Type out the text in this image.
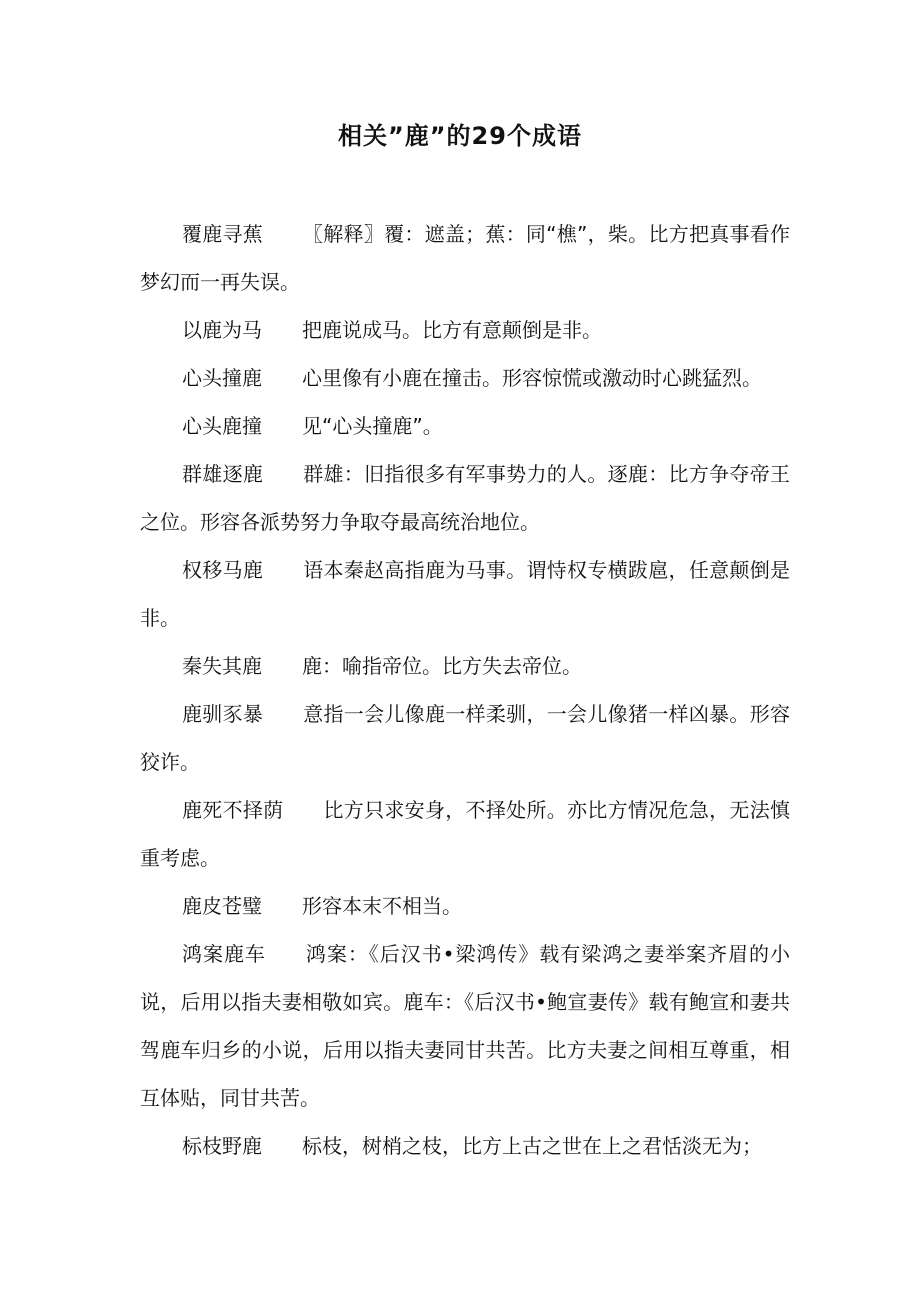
相关”鹿”的29个成语

覆鹿寻蕉 〖解释〗覆：遮盖；蕉：同“樵”，柴。比方把真事看作梦幻而一再失误。

以鹿为马 把鹿说成马。比方有意颠倒是非。

心头撞鹿 心里像有小鹿在撞击。形容惊慌或激动时心跳猛烈。

心头鹿撞 见“心头撞鹿”。

群雄逐鹿 群雄：旧指很多有军事势力的人。逐鹿：比方争夺帝王之位。形容各派势努力争取夺最高统治地位。

权移马鹿 语本秦赵高指鹿为马事。谓恃权专横跋扈，任意颠倒是非。

秦失其鹿 鹿：喻指帝位。比方失去帝位。

鹿驯豕暴 意指一会儿像鹿一样柔驯，一会儿像猪一样凶暴。形容狡诈。

鹿死不择荫 比方只求安身，不择处所。亦比方情况危急，无法慎重考虑。

鹿皮苍璧 形容本末不相当。

鸿案鹿车 鸿案：《后汉书•梁鸿传》载有梁鸿之妻举案齐眉的小说，后用以指夫妻相敬如宾。鹿车：《后汉书•鲍宣妻传》载有鲍宣和妻共驾鹿车归乡的小说，后用以指夫妻同甘共苦。比方夫妻之间相互尊重，相互体贴，同甘共苦。

标枝野鹿 标枝，树梢之枝，比方上古之世在上之君恬淡无为；
